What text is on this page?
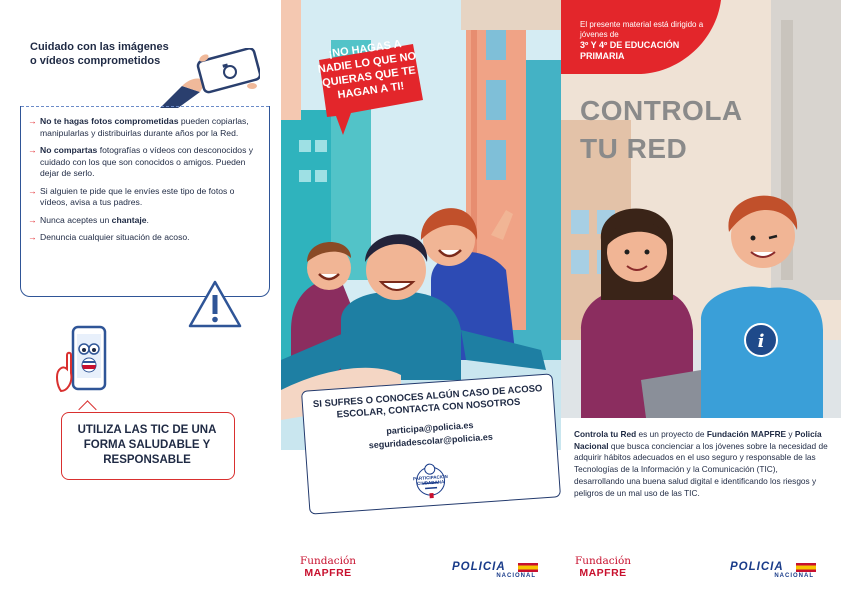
Cuidado con las imágenes
o vídeos comprometidos
→ No te hagas fotos comprometidas pueden copiarlas, manipularlas y distribuirlas durante años por la Red.
→ No compartas fotografías o vídeos con desconocidos y cuidado con los que son conocidos o amigos. Pueden dejar de serlo.
→ Si alguien te pide que le envíes este tipo de fotos o vídeos, avisa a tus padres.
→ Nunca aceptes un chantaje.
→ Denuncia cualquier situación de acoso.
UTILIZA LAS TIC DE UNA FORMA SALUDABLE Y RESPONSABLE
¡NO HAGAS A NADIE LO QUE NO QUIERAS QUE TE HAGAN A TI!
SI SUFRES O CONOCES ALGÚN CASO DE ACOSO ESCOLAR, CONTACTA CON NOSOTROS
participa@policia.es
seguridadescolar@policia.es
PARTICIPACIÓN CIUDADANA
i
El presente material está dirigido a jóvenes de
3º Y 4º DE EDUCACIÓN PRIMARIA
CONTROLA
TU RED
Controla tu Red es un proyecto de Fundación MAPFRE y Policía Nacional que busca concienciar a los jóvenes sobre la necesidad de adquirir hábitos adecuados en el uso seguro y responsable de las Tecnologías de la Información y la Comunicación (TIC), desarrollando una buena salud digital e identificando los riesgos y peligros de un mal uso de las TIC.
Fundación
MAPFRE	POLICIA
NACIONAL
Fundación
MAPFRE	POLICIA
NACIONAL
